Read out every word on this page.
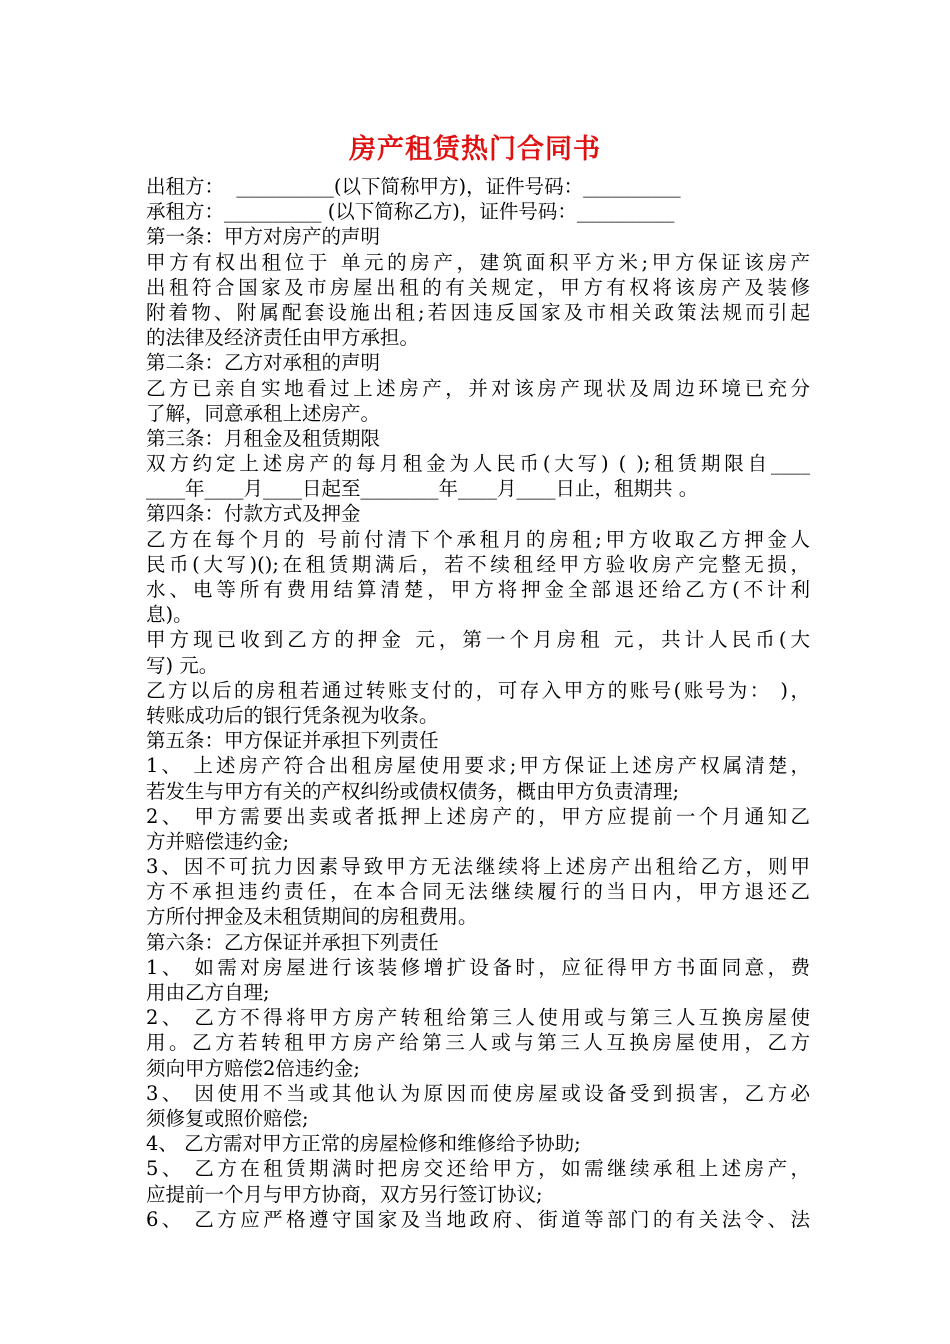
房产租赁热门合同书
出租方：  __________(以下简称甲方)，证件号码：__________
承租方：__________ (以下简称乙方)，证件号码：__________
第一条：甲方对房产的声明
甲方有权出租位于 单元的房产，建筑面积平方米;甲方保证该房产
出租符合国家及市房屋出租的有关规定，甲方有权将该房产及装修
附着物、附属配套设施出租;若因违反国家及市相关政策法规而引起
的法律及经济责任由甲方承担。
第二条：乙方对承租的声明
乙方已亲自实地看过上述房产，并对该房产现状及周边环境已充分
了解，同意承租上述房产。
第三条：月租金及租赁期限
双方约定上述房产的每月租金为人民币(大写) ( );租赁期限自____
____年____月____日起至________年____月____日止，租期共 。
第四条：付款方式及押金
乙方在每个月的 号前付清下个承租月的房租;甲方收取乙方押金人
民币(大写)();在租赁期满后，若不续租经甲方验收房产完整无损，
水、电等所有费用结算清楚，甲方将押金全部退还给乙方(不计利
息)。
甲方现已收到乙方的押金 元，第一个月房租 元，共计人民币(大
写) 元。
乙方以后的房租若通过转账支付的，可存入甲方的账号(账号为： )，
转账成功后的银行凭条视为收条。
第五条：甲方保证并承担下列责任
1、 上述房产符合出租房屋使用要求;甲方保证上述房产权属清楚，
若发生与甲方有关的产权纠纷或债权债务，概由甲方负责清理;
2、 甲方需要出卖或者抵押上述房产的，甲方应提前一个月通知乙
方并赔偿违约金;
3、因不可抗力因素导致甲方无法继续将上述房产出租给乙方，则甲
方不承担违约责任，在本合同无法继续履行的当日内，甲方退还乙
方所付押金及未租赁期间的房租费用。
第六条：乙方保证并承担下列责任
1、 如需对房屋进行该装修增扩设备时，应征得甲方书面同意，费
用由乙方自理;
2、 乙方不得将甲方房产转租给第三人使用或与第三人互换房屋使
用。乙方若转租甲方房产给第三人或与第三人互换房屋使用，乙方
须向甲方赔偿2倍违约金;
3、 因使用不当或其他认为原因而使房屋或设备受到损害，乙方必
须修复或照价赔偿;
4、 乙方需对甲方正常的房屋检修和维修给予协助;
5、 乙方在租赁期满时把房交还给甲方，如需继续承租上述房产，
应提前一个月与甲方协商，双方另行签订协议;
6、 乙方应严格遵守国家及当地政府、街道等部门的有关法令、法
